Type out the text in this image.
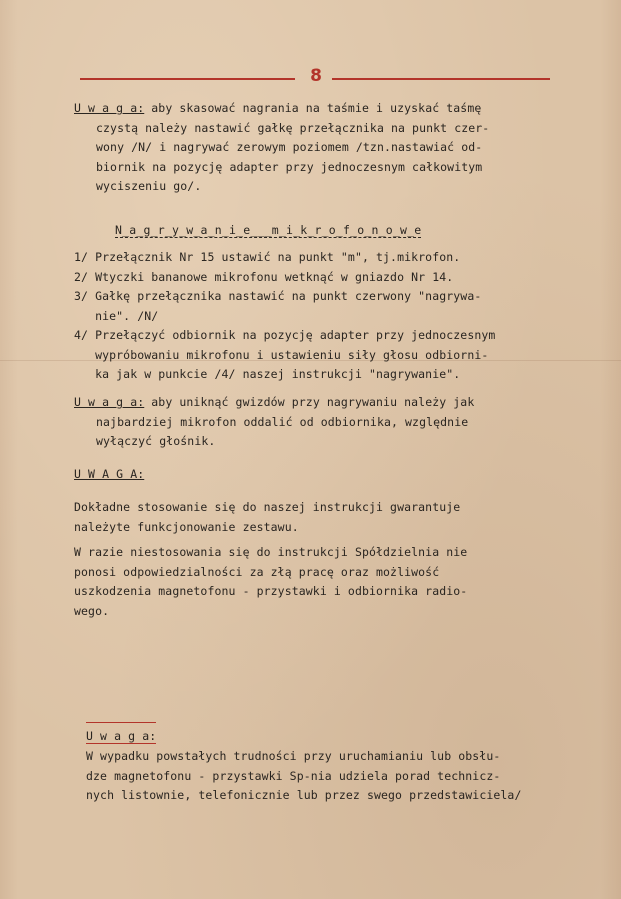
8
U w a g a: aby skasować nagrania na taśmie i uzyskać taśmę
czystą należy nastawić gałkę przełącznika na punkt czer-
wony /N/ i nagrywać zerowym poziomem /tzn.nastawiać od-
biornik na pozycję adapter przy jednoczesnym całkowitym
wyciszeniu go/.
N_a_g_r_y_w_a_n_i_e___m_i_k_r_o_f_o_n_o_w_e
1/ Przełącznik Nr 15 ustawić na punkt "m", tj.mikrofon.
2/ Wtyczki bananowe mikrofonu wetknąć w gniazdo Nr 14.
3/ Gałkę przełącznika nastawić na punkt czerwony "nagrywa-
nie". /N/
4/ Przełączyć odbiornik na pozycję adapter przy jednoczesnym
wypróbowaniu mikrofonu i ustawieniu siły głosu odbiorni-
ka jak w punkcie /4/ naszej instrukcji "nagrywanie".
U w a g a: aby uniknąć gwizdów przy nagrywaniu należy jak
najbardziej mikrofon oddalić od odbiornika, względnie
wyłączyć głośnik.
U W A G A:
Dokładne stosowanie się do naszej instrukcji gwarantuje
należyte funkcjonowanie zestawu.
W razie niestosowania się do instrukcji Spółdzielnia nie
ponosi odpowiedzialności za złą pracę oraz możliwość
uszkodzenia magnetofonu - przystawki i odbiornika radio-
wego.
U w a g a:
W wypadku powstałych trudności przy uruchamianiu lub obsłu-
dze magnetofonu - przystawki Sp-nia udziela porad technicz-
nych listownie, telefonicznie lub przez swego przedstawiciela/
